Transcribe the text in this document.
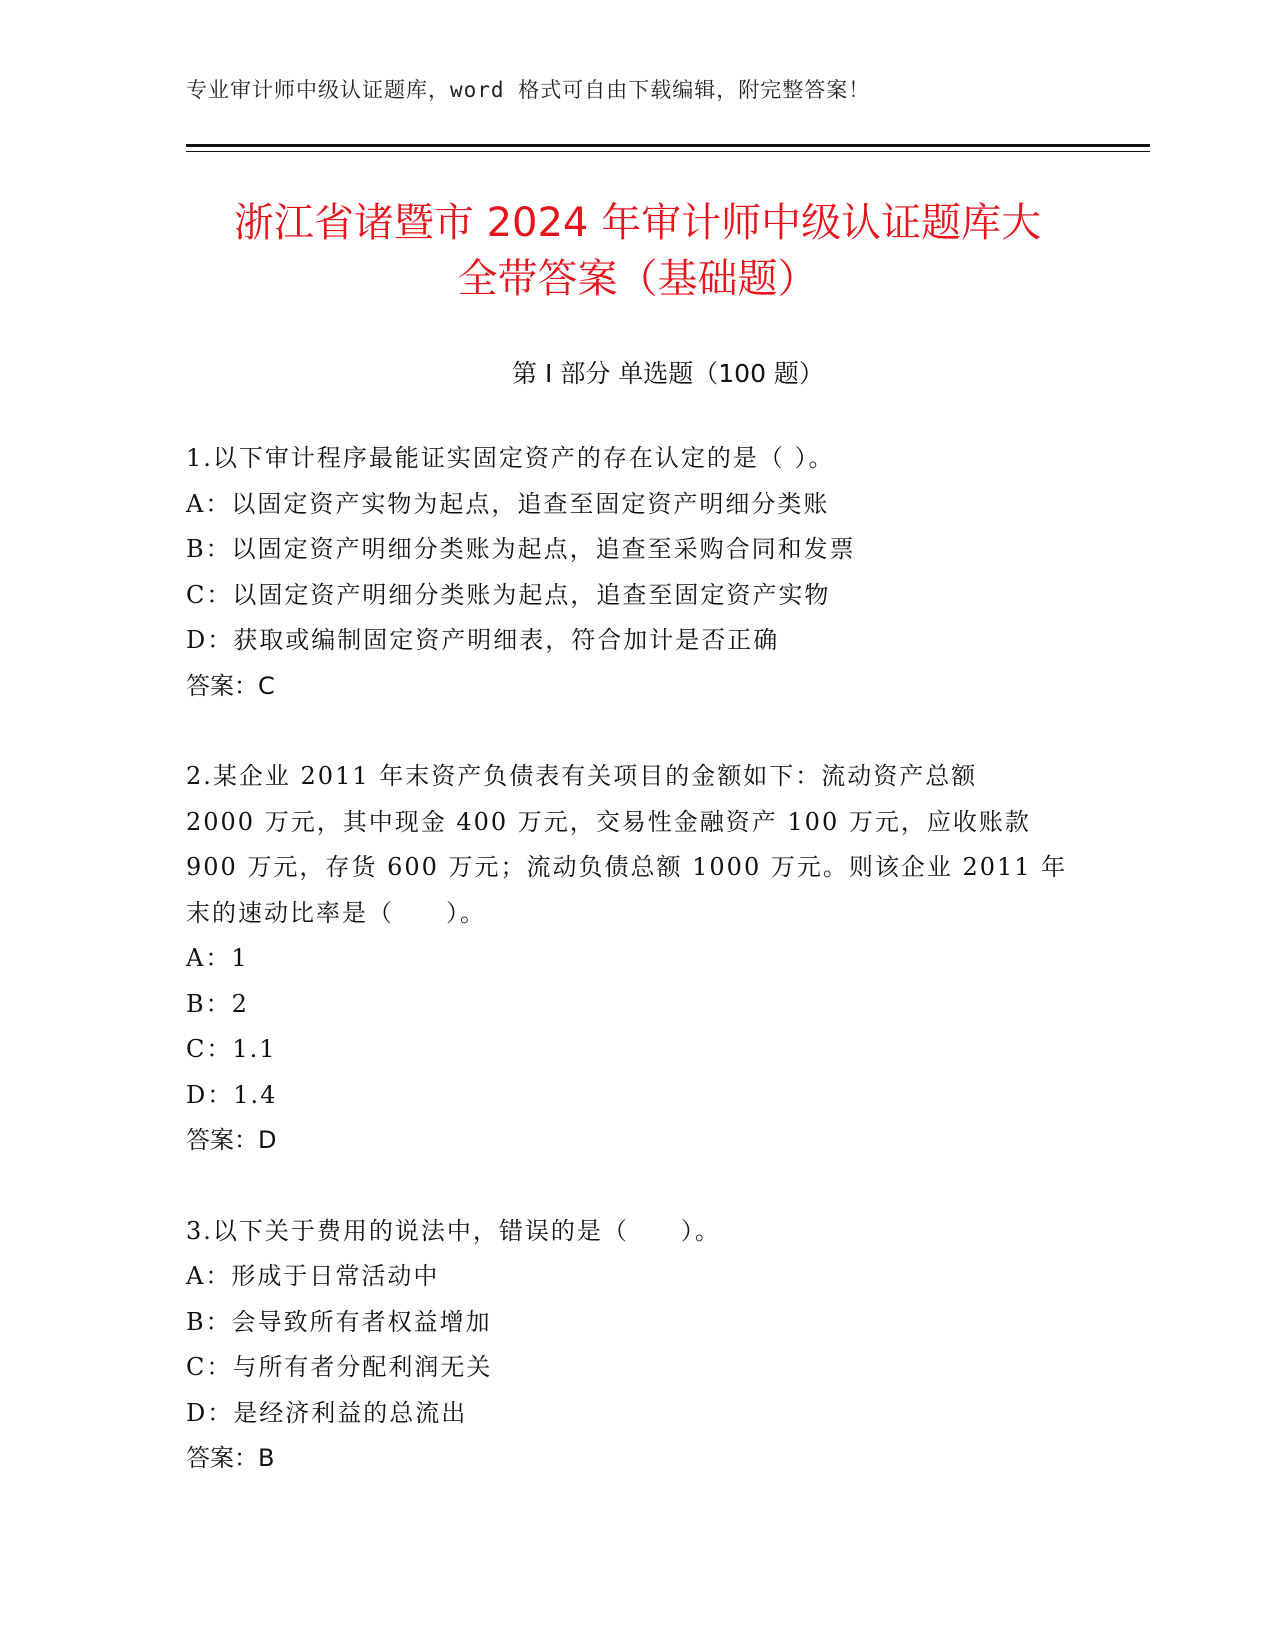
专业审计师中级认证题库，word 格式可自由下载编辑，附完整答案！
浙江省诸暨市 2024 年审计师中级认证题库大
全带答案（基础题）
第 I 部分 单选题（100 题）
1.以下审计程序最能证实固定资产的存在认定的是（ ）。
A：以固定资产实物为起点，追查至固定资产明细分类账
B：以固定资产明细分类账为起点，追查至采购合同和发票
C：以固定资产明细分类账为起点，追查至固定资产实物
D：获取或编制固定资产明细表，符合加计是否正确
答案：C
2.某企业 2011 年末资产负债表有关项目的金额如下：流动资产总额
2000 万元，其中现金 400 万元，交易性金融资产 100 万元，应收账款
900 万元，存货 600 万元；流动负债总额 1000 万元。则该企业 2011 年
末的速动比率是（　　）。
A：1
B：2
C：1.1
D：1.4
答案：D
3.以下关于费用的说法中，错误的是（　　）。
A：形成于日常活动中
B：会导致所有者权益增加
C：与所有者分配利润无关
D：是经济利益的总流出
答案：B
